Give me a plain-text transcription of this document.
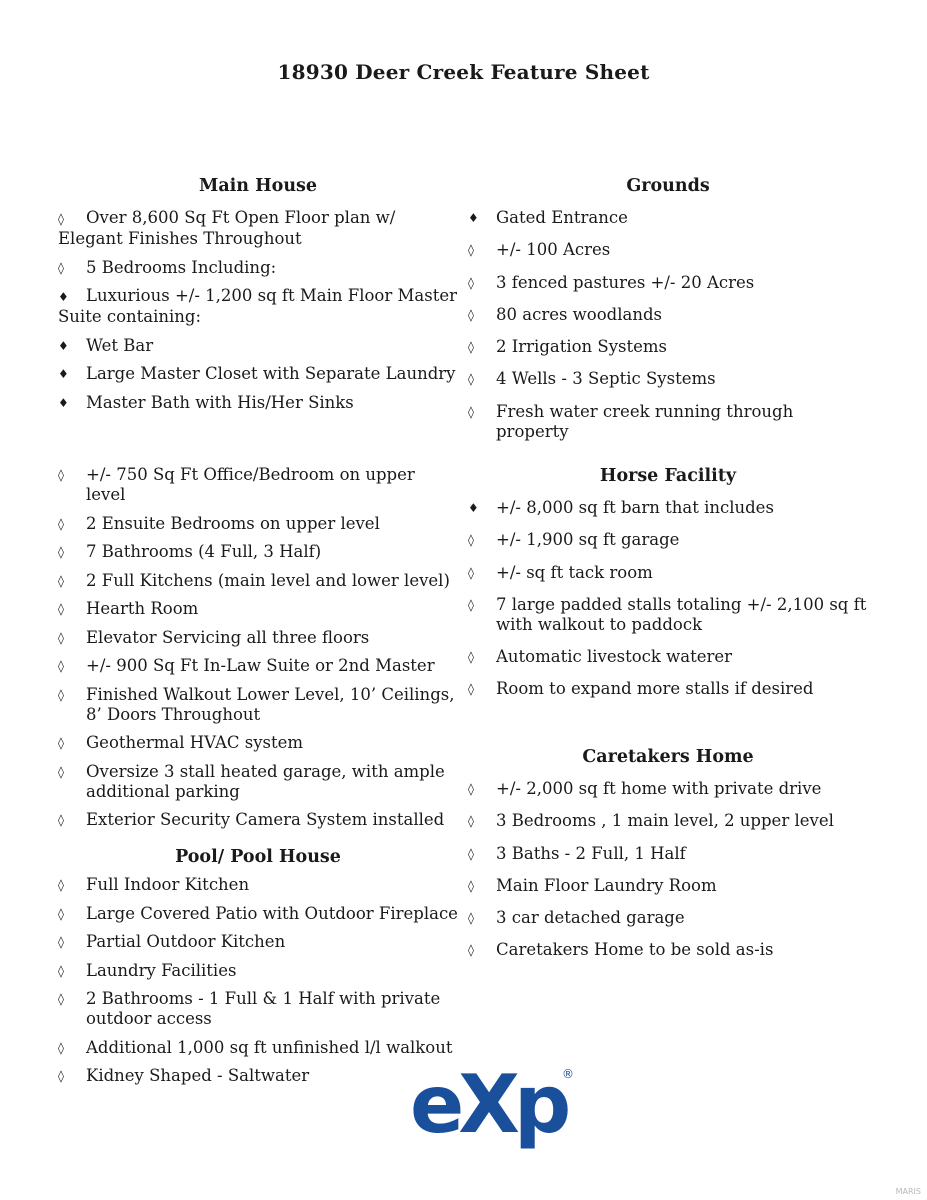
18930 Deer Creek Feature Sheet
Main House
◊ Over 8,600 Sq Ft Open Floor plan w/ Elegant Finishes Throughout
◊	5 Bedrooms Including:
♦ Luxurious +/- 1,200 sq ft Main Floor Master Suite containing:
♦	Wet Bar
♦	Large Master Closet with Separate Laundry
♦	Master Bath with His/Her Sinks
◊	+/- 750 Sq Ft Office/Bedroom on upper level
◊	2 Ensuite Bedrooms on upper level
◊	7 Bathrooms (4 Full, 3 Half)
◊	2 Full Kitchens (main level and lower level)
◊	Hearth Room
◊	Elevator Servicing all three floors
◊	+/- 900 Sq Ft In-Law Suite or 2nd Master
◊	Finished Walkout Lower Level, 10’ Ceilings, 8’ Doors Throughout
◊	Geothermal HVAC system
◊	Oversize 3 stall heated garage, with ample additional parking
◊	Exterior Security Camera System installed
Pool/ Pool House
◊	Full Indoor Kitchen
◊	Large Covered Patio with Outdoor Fireplace
◊	Partial Outdoor Kitchen
◊	Laundry Facilities
◊	2 Bathrooms - 1 Full & 1 Half with private outdoor access
◊	Additional 1,000 sq ft unfinished l/l walkout
◊	Kidney Shaped - Saltwater
Grounds
♦	Gated Entrance
◊	+/- 100 Acres
◊	3 fenced pastures +/- 20 Acres
◊	80 acres woodlands
◊	2 Irrigation Systems
◊	4 Wells - 3 Septic Systems
◊	Fresh water creek running through property
Horse Facility
♦	+/- 8,000 sq ft barn that includes
◊	+/- 1,900 sq ft garage
◊	+/- sq ft tack room
◊	7 large padded stalls totaling +/- 2,100 sq ft with walkout to paddock
◊	Automatic livestock waterer
◊	Room to expand more stalls if desired
Caretakers Home
◊	+/- 2,000 sq ft home with private drive
◊	3 Bedrooms , 1 main level, 2 upper level
◊	3 Baths - 2 Full, 1 Half
◊	Main Floor Laundry Room
◊	3 car detached garage
◊	Caretakers Home to be sold as-is
eXp
®
MARIS
